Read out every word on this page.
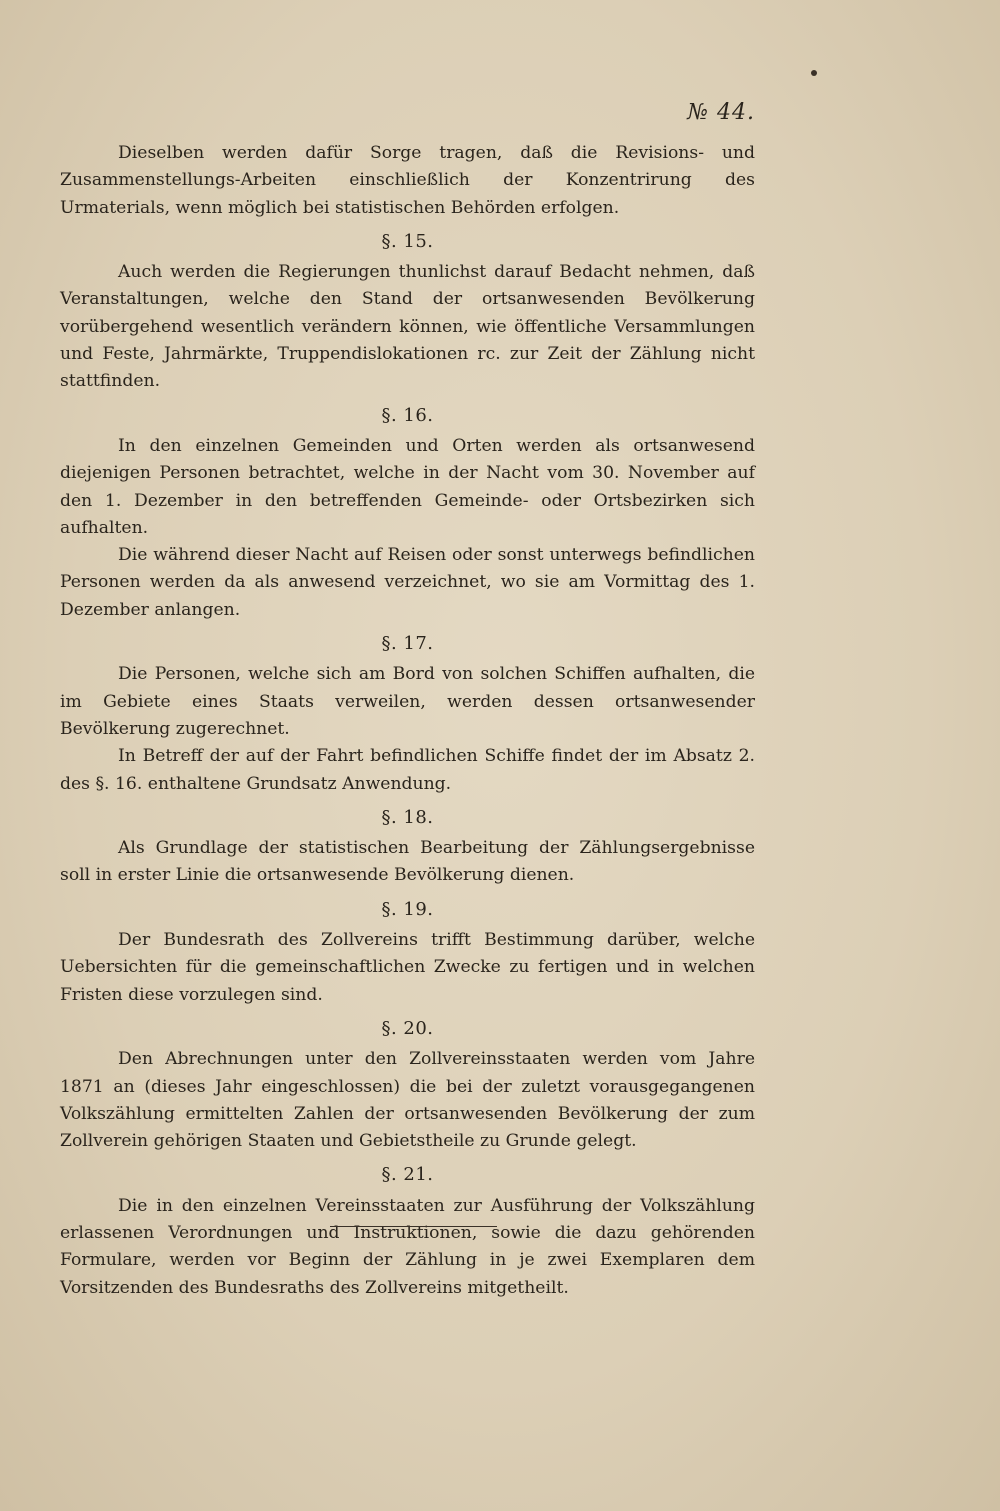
№ 44.

Dieselben werden dafür Sorge tragen, daß die Revisions- und Zusammenstellungs-Arbeiten einschließlich der Konzentrirung des Urmaterials, wenn möglich bei statistischen Behörden erfolgen.

§. 15.

Auch werden die Regierungen thunlichst darauf Bedacht nehmen, daß Veranstaltungen, welche den Stand der ortsanwesenden Bevölkerung vorübergehend wesentlich verändern können, wie öffentliche Versammlungen und Feste, Jahrmärkte, Truppendislokationen rc. zur Zeit der Zählung nicht stattfinden.

§. 16.

In den einzelnen Gemeinden und Orten werden als ortsanwesend diejenigen Personen betrachtet, welche in der Nacht vom 30. November auf den 1. Dezember in den betreffenden Gemeinde- oder Ortsbezirken sich aufhalten.

Die während dieser Nacht auf Reisen oder sonst unterwegs befindlichen Personen werden da als anwesend verzeichnet, wo sie am Vormittag des 1. Dezember anlangen.

§. 17.

Die Personen, welche sich am Bord von solchen Schiffen aufhalten, die im Gebiete eines Staats verweilen, werden dessen ortsanwesender Bevölkerung zugerechnet.

In Betreff der auf der Fahrt befindlichen Schiffe findet der im Absatz 2. des §. 16. enthaltene Grundsatz Anwendung.

§. 18.

Als Grundlage der statistischen Bearbeitung der Zählungsergebnisse soll in erster Linie die ortsanwesende Bevölkerung dienen.

§. 19.

Der Bundesrath des Zollvereins trifft Bestimmung darüber, welche Uebersichten für die gemeinschaftlichen Zwecke zu fertigen und in welchen Fristen diese vorzulegen sind.

§. 20.

Den Abrechnungen unter den Zollvereinsstaaten werden vom Jahre 1871 an (dieses Jahr eingeschlossen) die bei der zuletzt vorausgegangenen Volkszählung ermittelten Zahlen der ortsanwesenden Bevölkerung der zum Zollverein gehörigen Staaten und Gebietstheile zu Grunde gelegt.

§. 21.

Die in den einzelnen Vereinsstaaten zur Ausführung der Volkszählung erlassenen Verordnungen und Instruktionen, sowie die dazu gehörenden Formulare, werden vor Beginn der Zählung in je zwei Exemplaren dem Vorsitzenden des Bundesraths des Zollvereins mitgetheilt.
